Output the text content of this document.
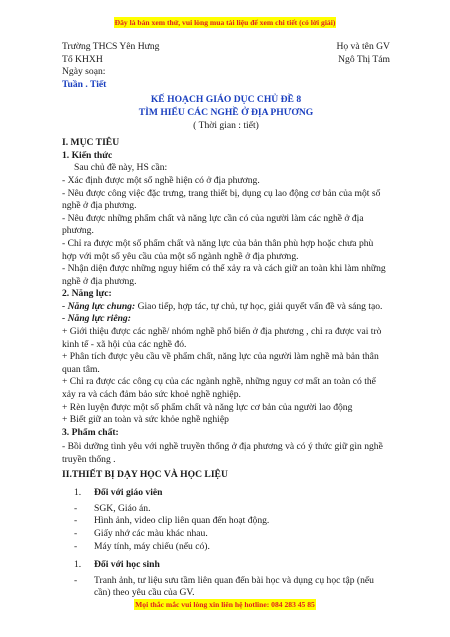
Đây là bản xem thử, vui lòng mua tài liệu để xem chi tiết (có lời giải)
Trường THCS Yên Hưng	Họ và tên GV
Tổ KHXH	Ngô Thị Tám

Ngày soạn:

Tuần . Tiết

KẾ HOẠCH GIÁO DỤC CHỦ ĐỀ 8

TÌM HIỂU CÁC NGHỀ Ở ĐỊA PHƯƠNG

( Thời gian : tiết)

I. MỤC TIÊU

1. Kiến thức

Sau chủ đề này, HS cần:

- Xác định được một số nghề hiện có ở địa phương.

- Nêu được công việc đặc trưng, trang thiết bị, dụng cụ lao động cơ bản của một số nghề ở địa phương.

- Nêu được những phẩm chất và năng lực cần có của người làm các nghề ở địa phương.

- Chỉ ra được một số phẩm chất và năng lực của bản thân phù hợp hoặc chưa phù hợp với một số yêu cầu của một số ngành nghề ở địa phương.

- Nhận diện được những nguy hiểm có thể xảy ra và cách giữ an toàn khi làm những nghề ở địa phương.

2. Năng lực:

- Năng lực chung: Giao tiếp, hợp tác, tự chủ, tự học, giải quyết vấn đề và sáng tạo.

- Năng lực riêng:

+ Giới thiệu được các nghề/ nhóm nghề phổ biến ở địa phương , chỉ ra được vai trò kinh tế - xã hội của các nghề đó.

+ Phân tích được yêu cầu về phẩm chất, năng lực của người làm nghề mà bản thân quan tâm.

+ Chỉ ra được các công cụ của các ngành nghề, những nguy cơ mất an toàn có thể xảy ra và cách đảm bảo sức khoẻ nghề nghiệp.

+ Rèn luyện được một số phẩm chất và năng lực cơ bản của người lao động

+ Biết giữ an toàn và sức khỏe nghề nghiệp

3. Phẩm chất:

- Bồi dưỡng tình yêu với nghề truyền thống ở địa phương và có ý thức giữ gìn nghề truyền thống .

II.THIẾT BỊ DẠY HỌC VÀ HỌC LIỆU

1.	Đối với giáo viên
-	SGK, Giáo án.
-	Hình ảnh, video clip liên quan đến hoạt động.
-	Giấy nhớ các màu khác nhau.
-	Máy tính, máy chiếu (nếu có).
1.	Đối với học sinh
-	Tranh ảnh, tư liệu sưu tầm liên quan đến bài học và dụng cụ học tập (nếu cần) theo yêu cầu của GV.
Mọi thắc mắc vui lòng xin liên hệ hotline: 084 283 45 85
